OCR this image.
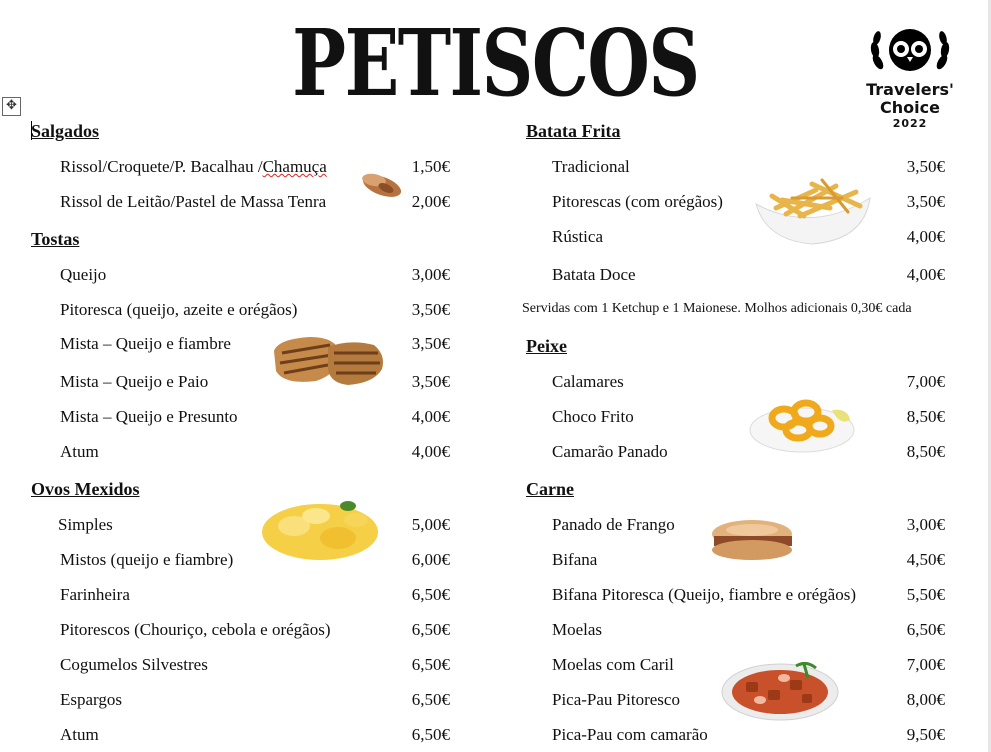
PETISCOS
✥
Travelers'
Choice
2022
Salgados
Rissol/Croquete/P. Bacalhau /Chamuça	1,50€
Rissol de Leitão/Pastel de Massa Tenra	2,00€
Tostas
Queijo	3,00€
Pitoresca (queijo, azeite e orégãos)	3,50€
Mista – Queijo e fiambre	3,50€
Mista – Queijo e Paio	3,50€
Mista – Queijo e Presunto	4,00€
Atum	4,00€
Ovos Mexidos
Simples	5,00€
Mistos (queijo e fiambre)	6,00€
Farinheira	6,50€
Pitorescos (Chouriço, cebola e orégãos)	6,50€
Cogumelos Silvestres	6,50€
Espargos	6,50€
Atum	6,50€
Batata Frita
Tradicional	3,50€
Pitorescas (com orégãos)	3,50€
Rústica	4,00€
Batata Doce	4,00€
Servidas com 1 Ketchup e 1 Maionese. Molhos adicionais 0,30€ cada
Peixe
Calamares	7,00€
Choco Frito	8,50€
Camarão Panado	8,50€
Carne
Panado de Frango	3,00€
Bifana	4,50€
Bifana Pitoresca (Queijo, fiambre e orégãos)	5,50€
Moelas	6,50€
Moelas com Caril	7,00€
Pica-Pau Pitoresco	8,00€
Pica-Pau com camarão	9,50€
